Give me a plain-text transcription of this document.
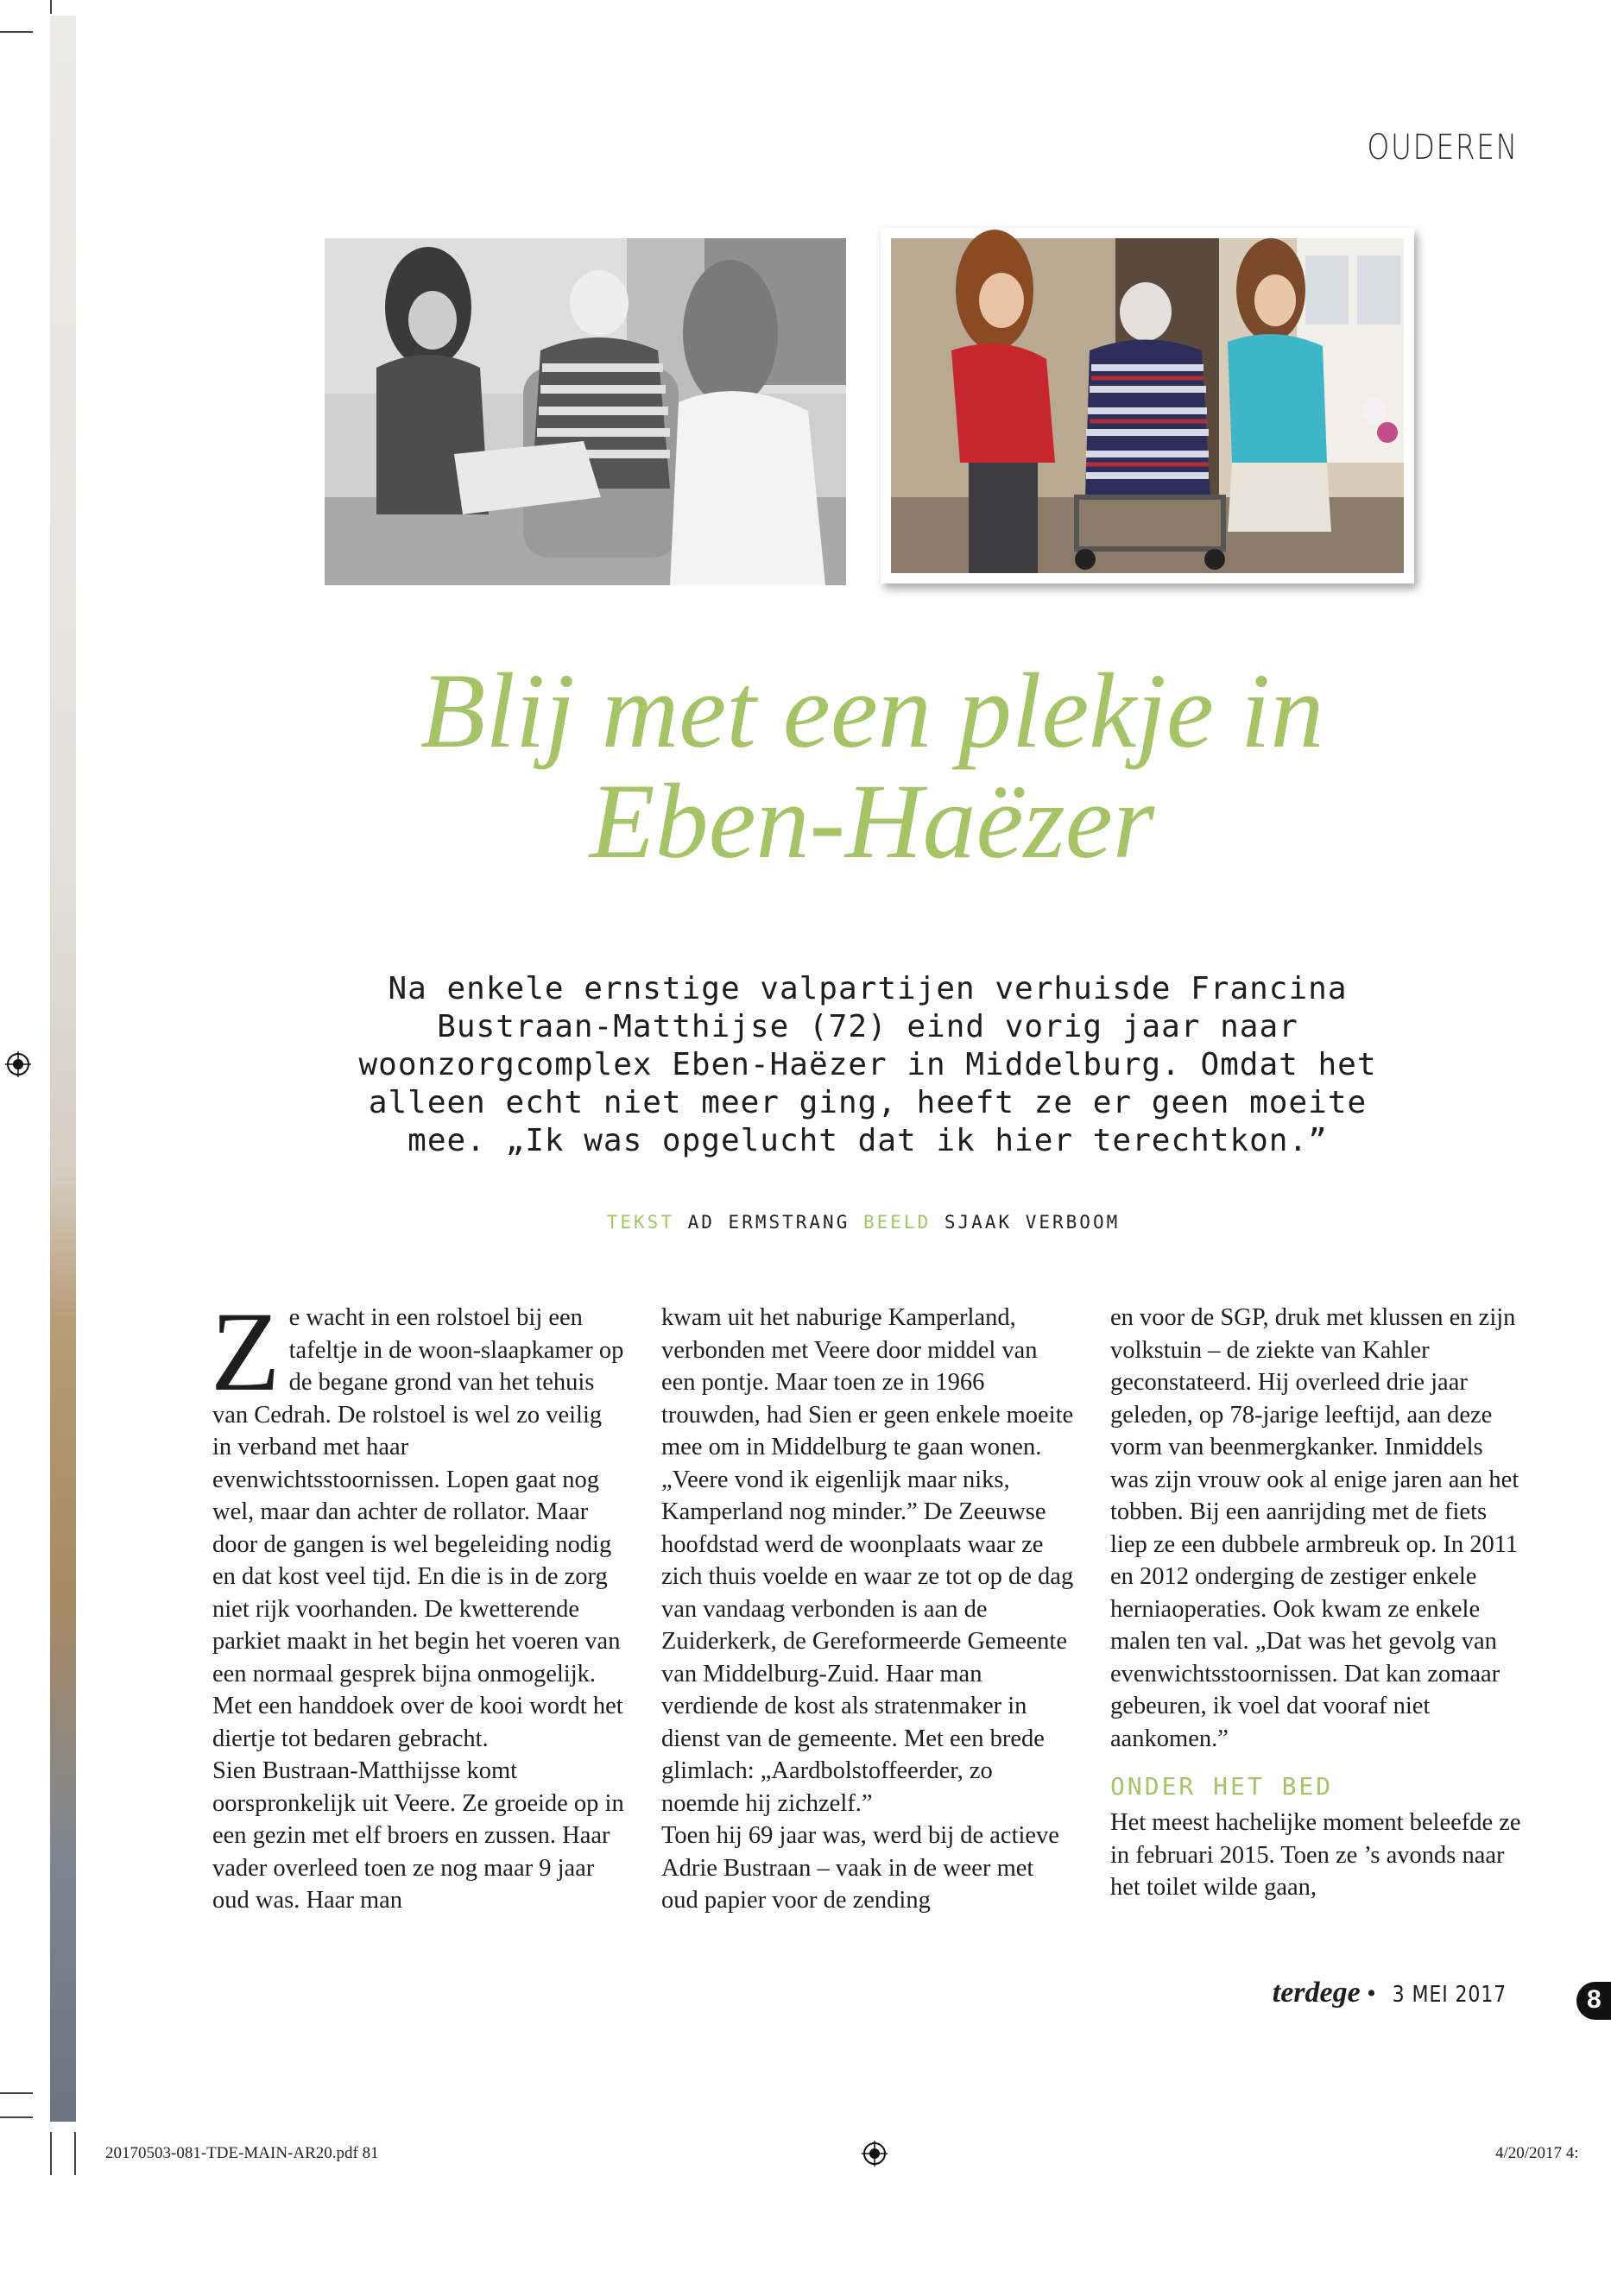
OUDEREN
Blij met een plekje in
Eben-Haëzer
Na enkele ernstige valpartijen verhuisde Francina
Bustraan-Matthijse (72) eind vorig jaar naar
woonzorgcomplex Eben-Haëzer in Middelburg. Omdat het
alleen echt niet meer ging, heeft ze er geen moeite
mee. „Ik was opgelucht dat ik hier terechtkon.”
TEKST AD ERMSTRANG BEELD SJAAK VERBOOM
Z e wacht in een rolstoel bij een tafeltje in de woon-slaapkamer op de begane grond van het tehuis van Cedrah. De rolstoel is wel zo veilig in verband met haar evenwichtsstoornissen. Lopen gaat nog wel, maar dan achter de rollator. Maar door de gangen is wel begeleiding nodig en dat kost veel tijd. En die is in de zorg niet rijk voorhanden. De kwetterende parkiet maakt in het begin het voeren van een normaal gesprek bijna onmogelijk. Met een handdoek over de kooi wordt het diertje tot bedaren gebracht.

Sien Bustraan-Matthijsse komt oorspronkelijk uit Veere. Ze groeide op in een gezin met elf broers en zussen. Haar vader overleed toen ze nog maar 9 jaar oud was. Haar man

kwam uit het naburige Kamperland, verbonden met Veere door middel van een pontje. Maar toen ze in 1966 trouwden, had Sien er geen enkele moeite mee om in Middelburg te gaan wonen. „Veere vond ik eigenlijk maar niks, Kamperland nog minder.” De Zeeuwse hoofdstad werd de woonplaats waar ze zich thuis voelde en waar ze tot op de dag van vandaag verbonden is aan de Zuiderkerk, de Gereformeerde Gemeente van Middelburg-Zuid. Haar man verdiende de kost als stratenmaker in dienst van de gemeente. Met een brede glimlach: „Aardbolstoffeerder, zo noemde hij zichzelf.”

Toen hij 69 jaar was, werd bij de actieve Adrie Bustraan – vaak in de weer met oud papier voor de zending

en voor de SGP, druk met klussen en zijn volkstuin – de ziekte van Kahler geconstateerd. Hij overleed drie jaar geleden, op 78-jarige leeftijd, aan deze vorm van beenmergkanker. Inmiddels was zijn vrouw ook al enige jaren aan het tobben. Bij een aanrijding met de fiets liep ze een dubbele armbreuk op. In 2011 en 2012 onderging de zestiger enkele herniaoperaties. Ook kwam ze enkele malen ten val. „Dat was het gevolg van evenwichtsstoornissen. Dat kan zomaar gebeuren, ik voel dat vooraf niet aankomen.”

ONDER HET BED

Het meest hachelijke moment beleefde ze in februari 2015. Toen ze ’s avonds naar het toilet wilde gaan,

terdege • 3 MEI 2017	8
20170503-081-TDE-MAIN-AR20.pdf 81	4/20/2017 4:
